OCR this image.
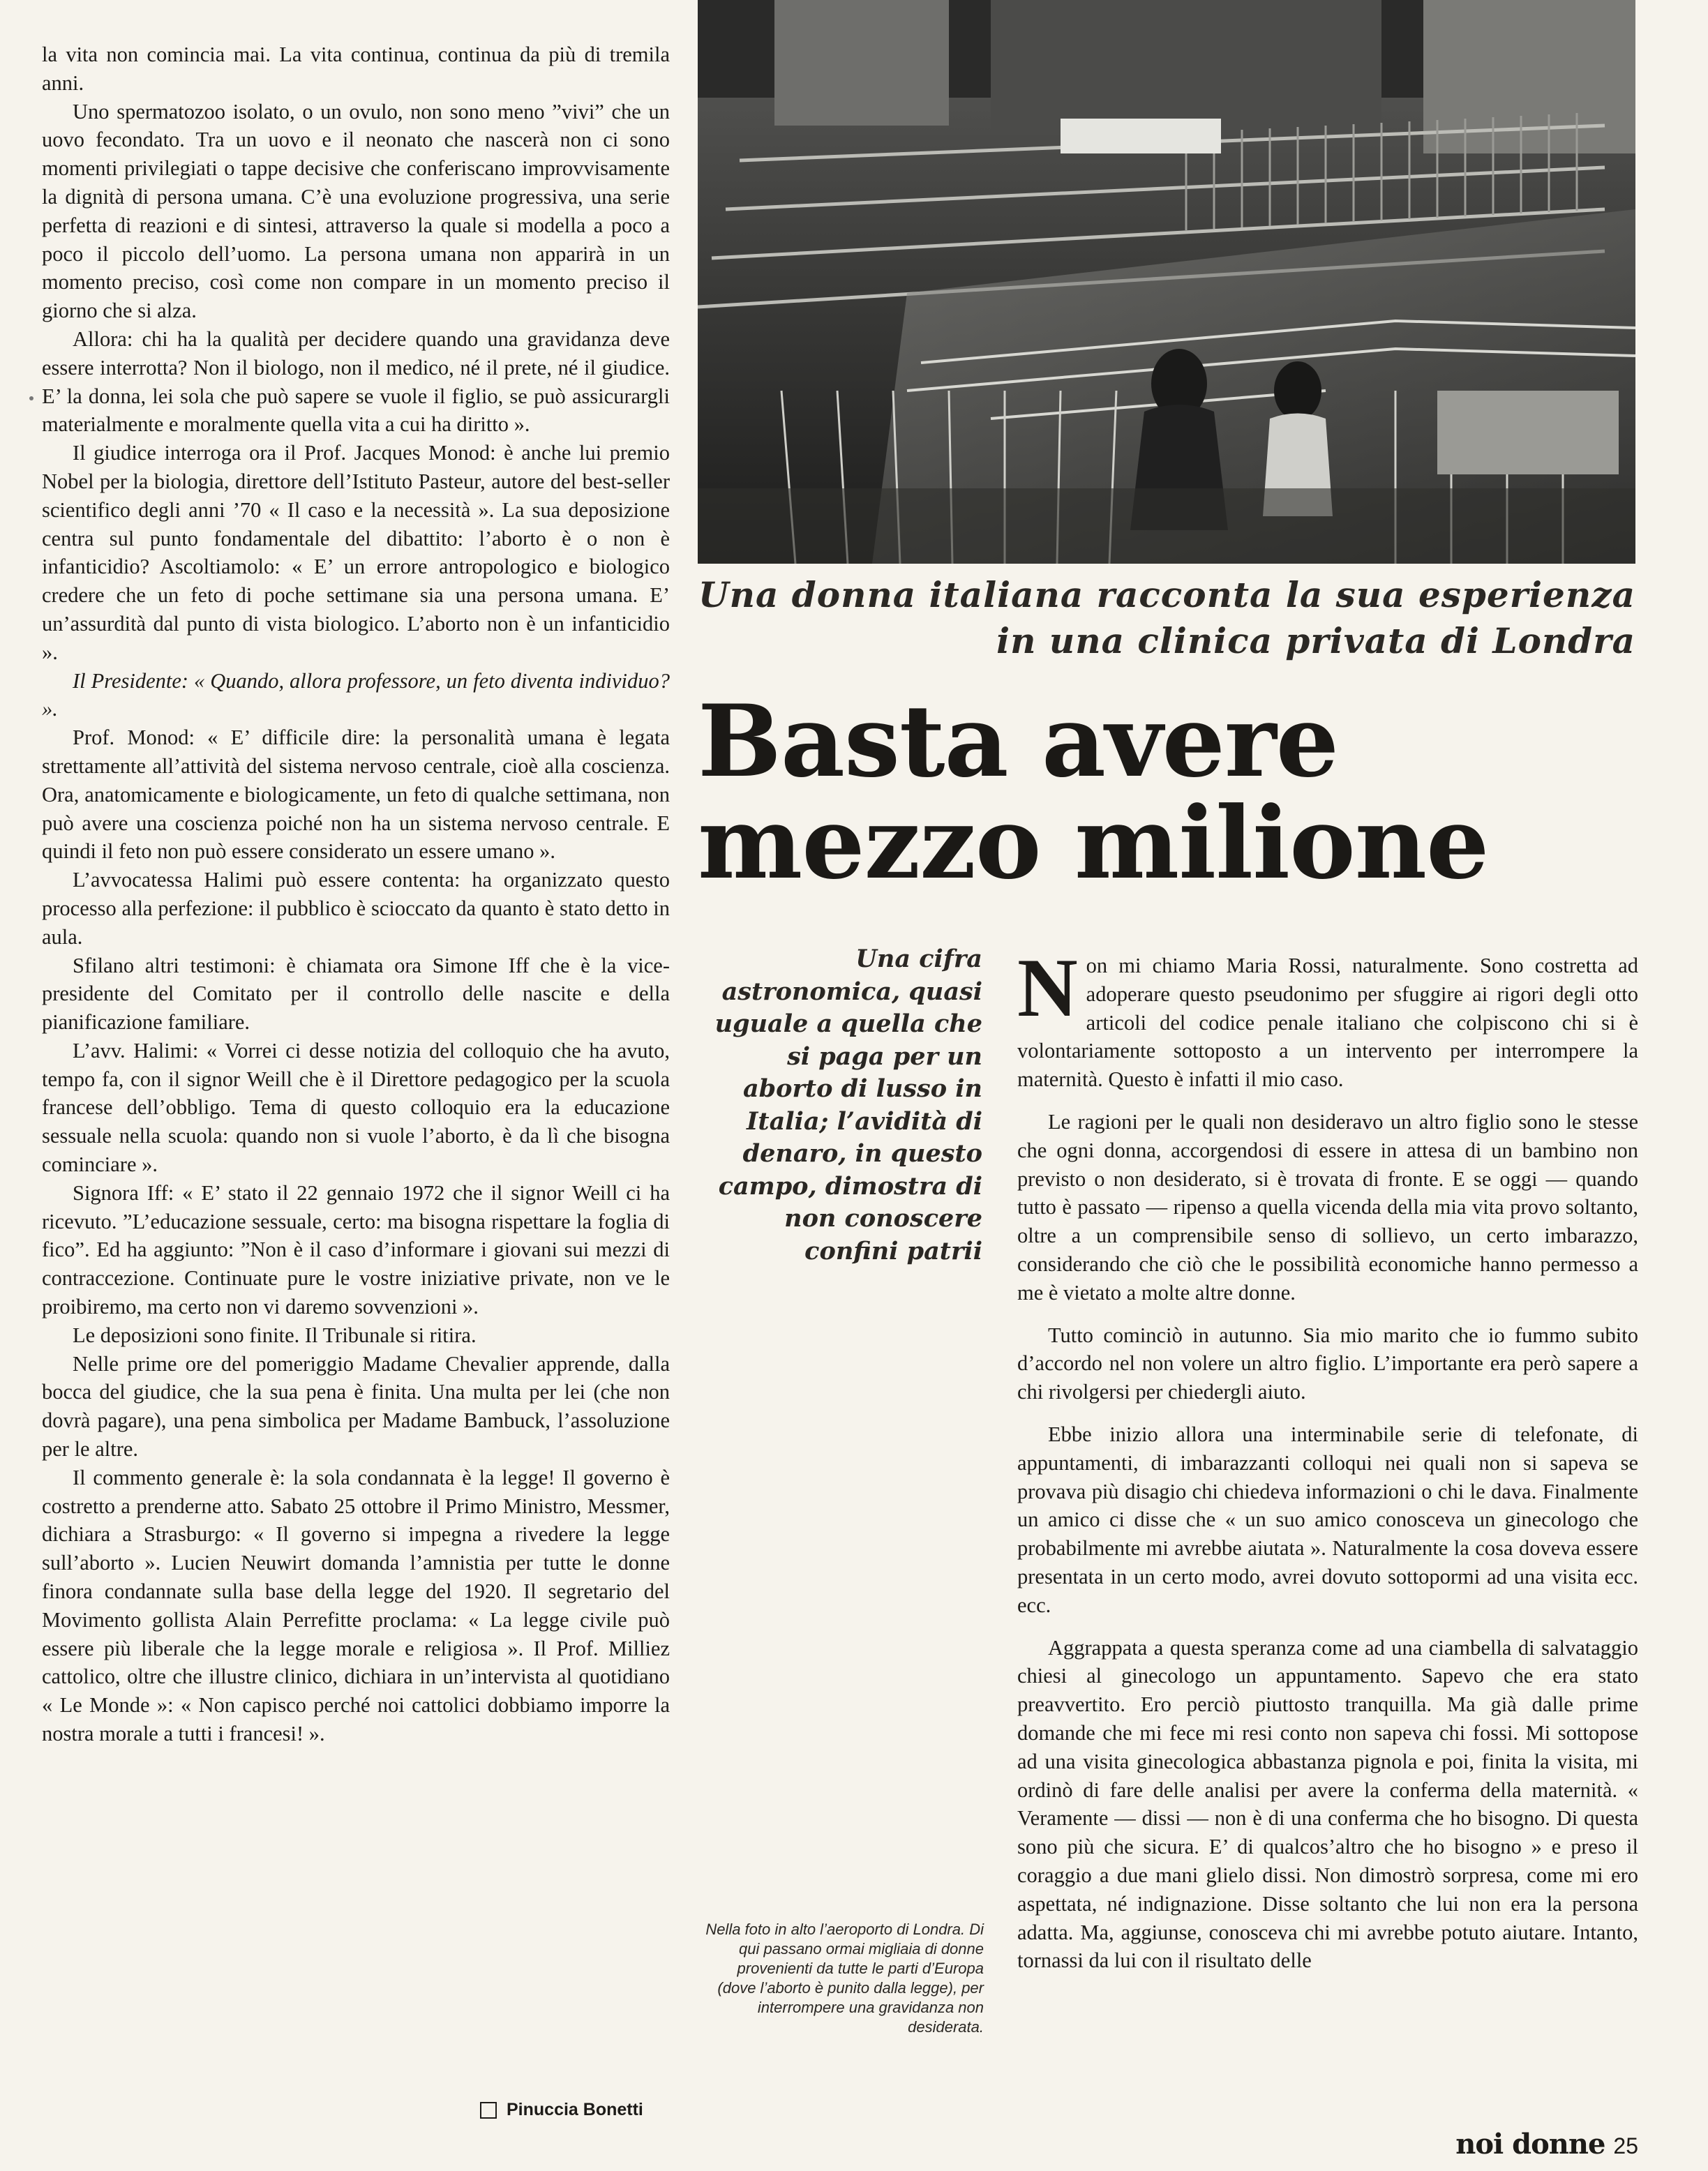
la vita non comincia mai. La vita continua, continua da più di tremila anni.

Uno spermatozoo isolato, o un ovulo, non sono meno ”vivi” che un uovo fecondato. Tra un uovo e il neonato che nascerà non ci sono momenti privilegiati o tappe decisive che conferiscano improvvisamente la dignità di persona umana. C’è una evoluzione progressiva, una serie perfetta di reazioni e di sintesi, attraverso la quale si modella a poco a poco il piccolo dell’uomo. La persona umana non apparirà in un momento preciso, così come non compare in un momento preciso il giorno che si alza.

Allora: chi ha la qualità per decidere quando una gravidanza deve essere interrotta? Non il biologo, non il medico, né il prete, né il giudice. E’ la donna, lei sola che può sapere se vuole il figlio, se può assicurargli materialmente e moralmente quella vita a cui ha diritto ».

Il giudice interroga ora il Prof. Jacques Monod: è anche lui premio Nobel per la biologia, direttore dell’Istituto Pasteur, autore del best-seller scientifico degli anni ’70 « Il caso e la necessità ». La sua deposizione centra sul punto fondamentale del dibattito: l’aborto è o non è infanticidio? Ascoltiamolo: « E’ un errore antropologico e biologico credere che un feto di poche settimane sia una persona umana. E’ un’assurdità dal punto di vista biologico. L’aborto non è un infanticidio ».

Il Presidente: « Quando, allora professore, un feto diventa individuo? ».

Prof. Monod: « E’ difficile dire: la personalità umana è legata strettamente all’attività del sistema nervoso centrale, cioè alla coscienza. Ora, anatomicamente e biologicamente, un feto di qualche settimana, non può avere una coscienza poiché non ha un sistema nervoso centrale. E quindi il feto non può essere considerato un essere umano ».

L’avvocatessa Halimi può essere contenta: ha organizzato questo processo alla perfezione: il pubblico è scioccato da quanto è stato detto in aula.

Sfilano altri testimoni: è chiamata ora Simone Iff che è la vice-presidente del Comitato per il controllo delle nascite e della pianificazione familiare.

L’avv. Halimi: « Vorrei ci desse notizia del colloquio che ha avuto, tempo fa, con il signor Weill che è il Direttore pedagogico per la scuola francese dell’obbligo. Tema di questo colloquio era la educazione sessuale nella scuola: quando non si vuole l’aborto, è da lì che bisogna cominciare ».

Signora Iff: « E’ stato il 22 gennaio 1972 che il signor Weill ci ha ricevuto. ”L’educazione sessuale, certo: ma bisogna rispettare la foglia di fico”. Ed ha aggiunto: ”Non è il caso d’informare i giovani sui mezzi di contraccezione. Continuate pure le vostre iniziative private, non ve le proibiremo, ma certo non vi daremo sovvenzioni ».

Le deposizioni sono finite. Il Tribunale si ritira.

Nelle prime ore del pomeriggio Madame Chevalier apprende, dalla bocca del giudice, che la sua pena è finita. Una multa per lei (che non dovrà pagare), una pena simbolica per Madame Bambuck, l’assoluzione per le altre.

Il commento generale è: la sola condannata è la legge! Il governo è costretto a prenderne atto. Sabato 25 ottobre il Primo Ministro, Messmer, dichiara a Strasburgo: « Il governo si impegna a rivedere la legge sull’aborto ». Lucien Neuwirt domanda l’amnistia per tutte le donne finora condannate sulla base della legge del 1920. Il segretario del Movimento gollista Alain Perrefitte proclama: « La legge civile può essere più liberale che la legge morale e religiosa ». Il Prof. Milliez cattolico, oltre che illustre clinico, dichiara in un’intervista al quotidiano « Le Monde »: « Non capisco perché noi cattolici dobbiamo imporre la nostra morale a tutti i francesi! ».

Pinuccia Bonetti
Una donna italiana racconta la sua esperienza
in una clinica privata di Londra
Basta avere
mezzo milione
Una cifra astronomica, quasi uguale a quella che si paga per un aborto di lusso in Italia; l’avidità di denaro, in questo campo, dimostra di non conoscere confini patrii
Nella foto in alto l’aeroporto di Londra. Di qui passano ormai migliaia di donne provenienti da tutte le parti d’Europa (dove l’aborto è punito dalla legge), per interrompere una gravidanza non desiderata.

Non mi chiamo Maria Rossi, naturalmente. Sono costretta ad adoperare questo pseudonimo per sfuggire ai rigori degli otto articoli del codice penale italiano che colpiscono chi si è volontariamente sottoposto a un intervento per interrompere la maternità. Questo è infatti il mio caso.

Le ragioni per le quali non desideravo un altro figlio sono le stesse che ogni donna, accorgendosi di essere in attesa di un bambino non previsto o non desiderato, si è trovata di fronte. E se oggi — quando tutto è passato — ripenso a quella vicenda della mia vita provo soltanto, oltre a un comprensibile senso di sollievo, un certo imbarazzo, considerando che ciò che le possibilità economiche hanno permesso a me è vietato a molte altre donne.

Tutto cominciò in autunno. Sia mio marito che io fummo subito d’accordo nel non volere un altro figlio. L’importante era però sapere a chi rivolgersi per chiedergli aiuto.

Ebbe inizio allora una interminabile serie di telefonate, di appuntamenti, di imbarazzanti colloqui nei quali non si sapeva se provava più disagio chi chiedeva informazioni o chi le dava. Finalmente un amico ci disse che « un suo amico conosceva un ginecologo che probabilmente mi avrebbe aiutata ». Naturalmente la cosa doveva essere presentata in un certo modo, avrei dovuto sottopormi ad una visita ecc. ecc.

Aggrappata a questa speranza come ad una ciambella di salvataggio chiesi al ginecologo un appuntamento. Sapevo che era stato preavvertito. Ero perciò piuttosto tranquilla. Ma già dalle prime domande che mi fece mi resi conto non sapeva chi fossi. Mi sottopose ad una visita ginecologica abbastanza pignola e poi, finita la visita, mi ordinò di fare delle analisi per avere la conferma della maternità. « Veramente — dissi — non è di una conferma che ho bisogno. Di questa sono più che sicura. E’ di qualcos’altro che ho bisogno » e preso il coraggio a due mani glielo dissi. Non dimostrò sorpresa, come mi ero aspettata, né indignazione. Disse soltanto che lui non era la persona adatta. Ma, aggiunse, conosceva chi mi avrebbe potuto aiutare. Intanto, tornassi da lui con il risultato delle

noi donne 25
